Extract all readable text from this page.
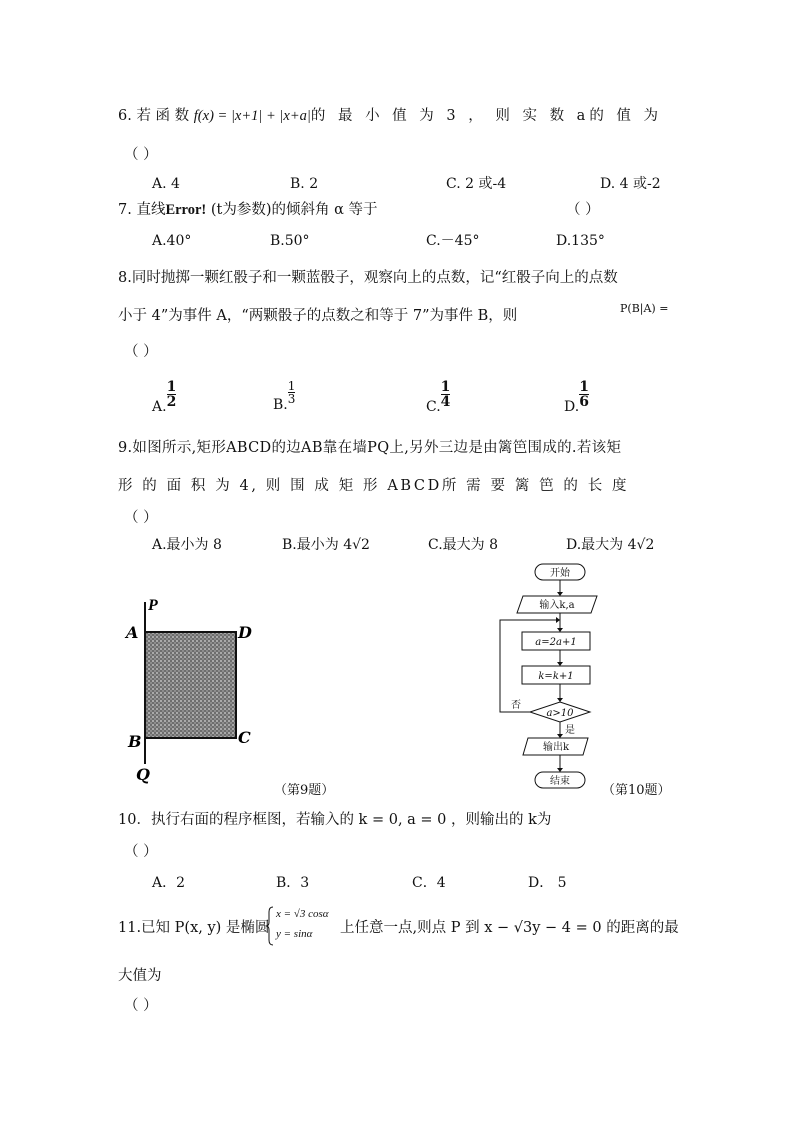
6. 若 函 数 f(x) = |x+1| + |x+a|的 最 小 值 为 3 ， 则 实 数 a的 值 为
（ ）
A. 4	B. 2	C. 2 或-4	D. 4 或-2
7. 直线Error! (t为参数)的倾斜角 α 等于	（ ）
A.40°	B.50°	C.－45°	D.135°
8.同时抛掷一颗红骰子和一颗蓝骰子，观察向上的点数，记“红骰子向上的点数
小于 4”为事件 A，“两颗骰子的点数之和等于 7”为事件 B，则	P(B|A) =
（ ）
A. $\frac{1}{2}$	B. $\frac{1}{3}$
C. $\frac{1}{4}$	D. $\frac{1}{6}$
9.如图所示,矩形ABCD的边AB靠在墙PQ上,另外三边是由篱笆围成的.若该矩
形 的 面 积 为 4, 则 围 成 矩 形 ABCD所 需 要 篱 笆 的 长 度
（ ）
A.最小为 8	B.最小为 4√2	C.最大为 8	D.最大为 4√2
P
A	D
B	C
Q
（第9题）
开始
输入k,a
a=2a+1
k=k+1
a>10
否
是
输出k
结束
（第10题）
10．执行右面的程序框图，若输入的 k = 0, a = 0 ，则输出的 k为
（ ）
A．2	B．3	C．4	D． 5
11.已知 P(x, y) 是椭圆
x = √3 cosα
y = sinα 上任意一点,则点 P 到 x − √3y − 4 = 0 的距离的最
大值为
（ ）
